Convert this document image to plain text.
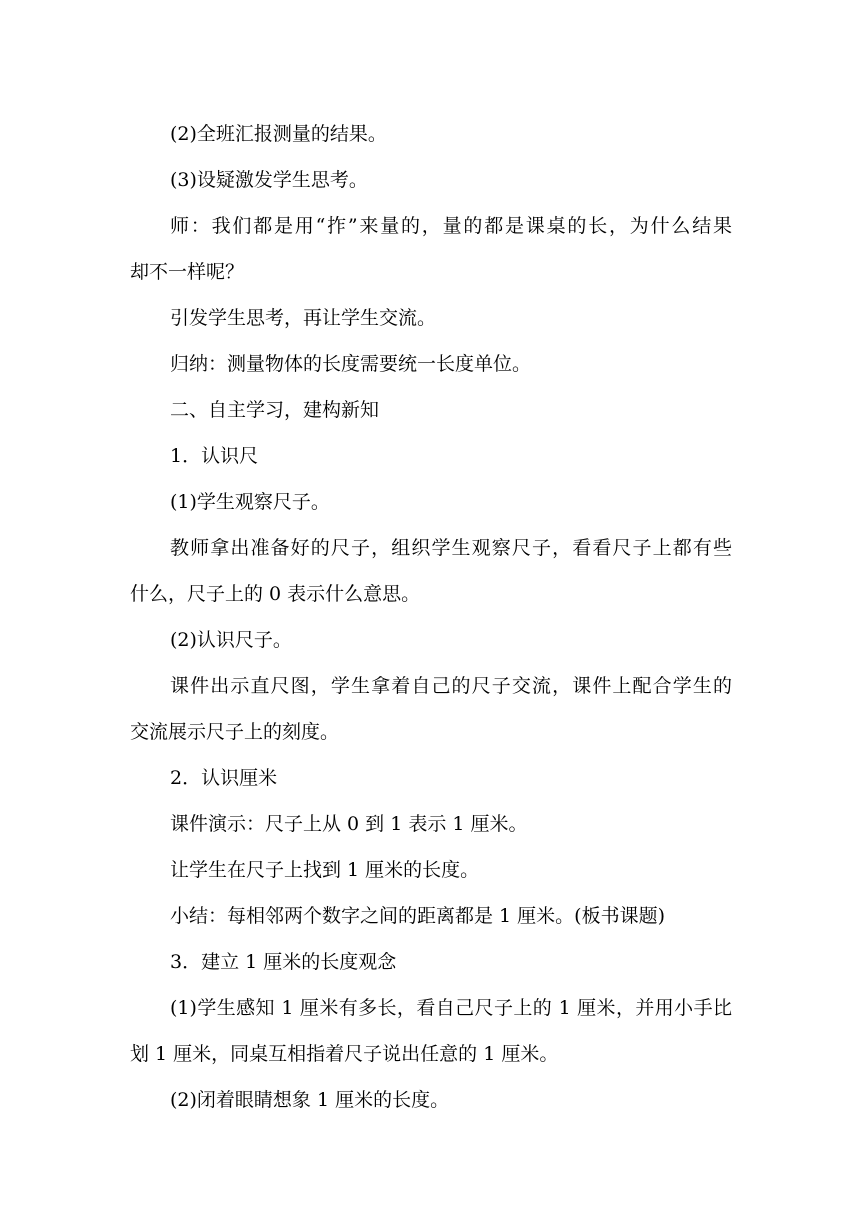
(2)全班汇报测量的结果。

(3)设疑激发学生思考。

师：我们都是用“拃”来量的，量的都是课桌的长，为什么结果
却不一样呢？

引发学生思考，再让学生交流。

归纳：测量物体的长度需要统一长度单位。

二、自主学习，建构新知

1．认识尺

(1)学生观察尺子。

教师拿出准备好的尺子，组织学生观察尺子，看看尺子上都有些
什么，尺子上的 0 表示什么意思。

(2)认识尺子。

课件出示直尺图，学生拿着自己的尺子交流，课件上配合学生的
交流展示尺子上的刻度。

2．认识厘米

课件演示：尺子上从 0 到 1 表示 1 厘米。

让学生在尺子上找到 1 厘米的长度。

小结：每相邻两个数字之间的距离都是 1 厘米。(板书课题)

3．建立 1 厘米的长度观念

(1)学生感知 1 厘米有多长，看自己尺子上的 1 厘米，并用小手比
划 1 厘米，同桌互相指着尺子说出任意的 1 厘米。

(2)闭着眼睛想象 1 厘米的长度。
